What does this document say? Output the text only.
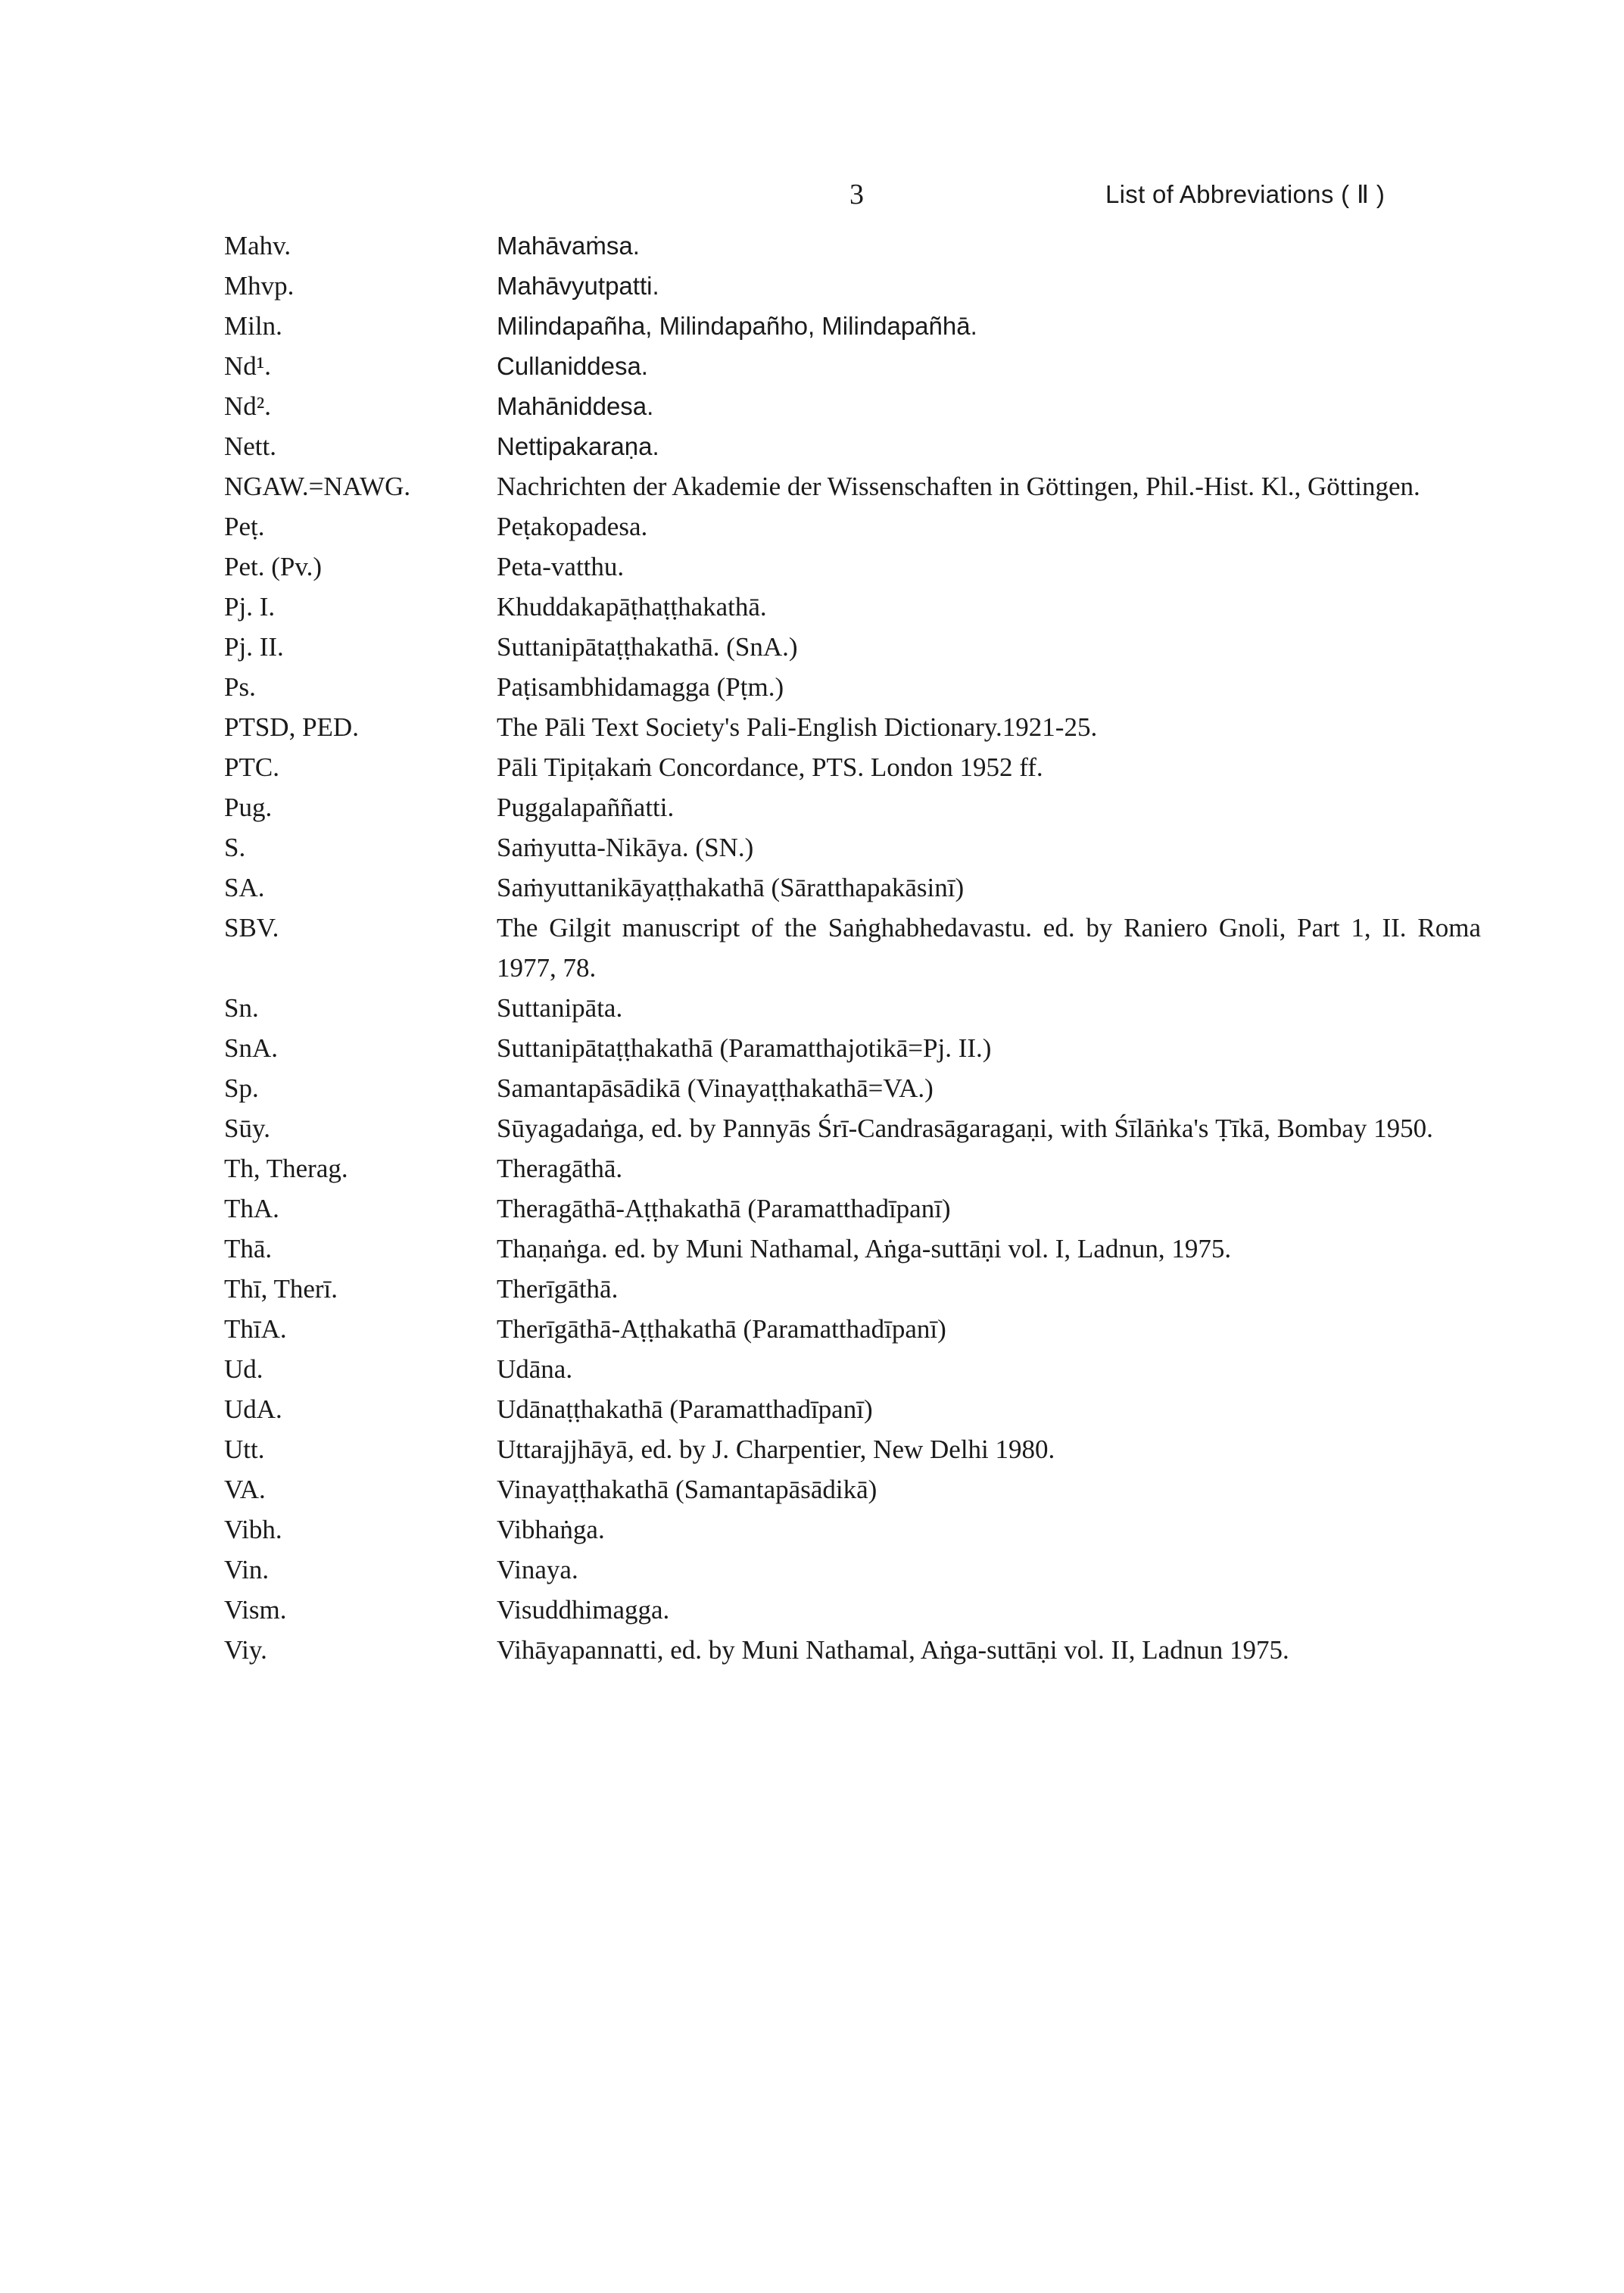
3	List of Abbreviations ( Ⅱ )
Mahv.	Mahāvaṁsa.
Mhvp.	Mahāvyutpatti.
Miln.	Milindapañha, Milindapañho, Milindapañhā.
Nd¹.	Cullaniddesa.
Nd².	Mahāniddesa.
Nett.	Nettipakaraṇa.
NGAW.=NAWG.	Nachrichten der Akademie der Wissenschaften in Göttingen, Phil.-Hist. Kl., Göttingen.
Peṭ.	Peṭakopadesa.
Pet. (Pv.)	Peta-vatthu.
Pj. I.	Khuddakapāṭhaṭṭhakathā.
Pj. II.	Suttanipātaṭṭhakathā. (SnA.)
Ps.	Paṭisambhidamagga (Pṭm.)
PTSD, PED.	The Pāli Text Society's Pali-English Dictionary.1921-25.
PTC.	Pāli Tipiṭakaṁ Concordance, PTS. London 1952 ff.
Pug.	Puggalapaññatti.
S.	Saṁyutta-Nikāya. (SN.)
SA.	Saṁyuttanikāyaṭṭhakathā (Sāratthapakāsinī)
SBV.	The Gilgit manuscript of the Saṅghabhedavastu. ed. by Raniero Gnoli, Part 1, II. Roma 1977, 78.
Sn.	Suttanipāta.
SnA.	Suttanipātaṭṭhakathā (Paramatthajotikā=Pj. II.)
Sp.	Samantapāsādikā (Vinayaṭṭhakathā=VA.)
Sūy.	Sūyagadaṅga, ed. by Pannyās Śrī-Candrasāgaragaṇi, with Śīlāṅka's Ṭīkā, Bombay 1950.
Th, Therag.	Theragāthā.
ThA.	Theragāthā-Aṭṭhakathā (Paramatthadīpanī)
Thā.	Thaṇaṅga. ed. by Muni Nathamal, Aṅga-suttāṇi vol. I, Ladnun, 1975.
Thī, Therī.	Therīgāthā.
ThīA.	Therīgāthā-Aṭṭhakathā (Paramatthadīpanī)
Ud.	Udāna.
UdA.	Udānaṭṭhakathā (Paramatthadīpanī)
Utt.	Uttarajjhāyā, ed. by J. Charpentier, New Delhi 1980.
VA.	Vinayaṭṭhakathā (Samantapāsādikā)
Vibh.	Vibhaṅga.
Vin.	Vinaya.
Vism.	Visuddhimagga.
Viy.	Vihāyapannatti, ed. by Muni Nathamal, Aṅga-suttāṇi vol. II, Ladnun 1975.
